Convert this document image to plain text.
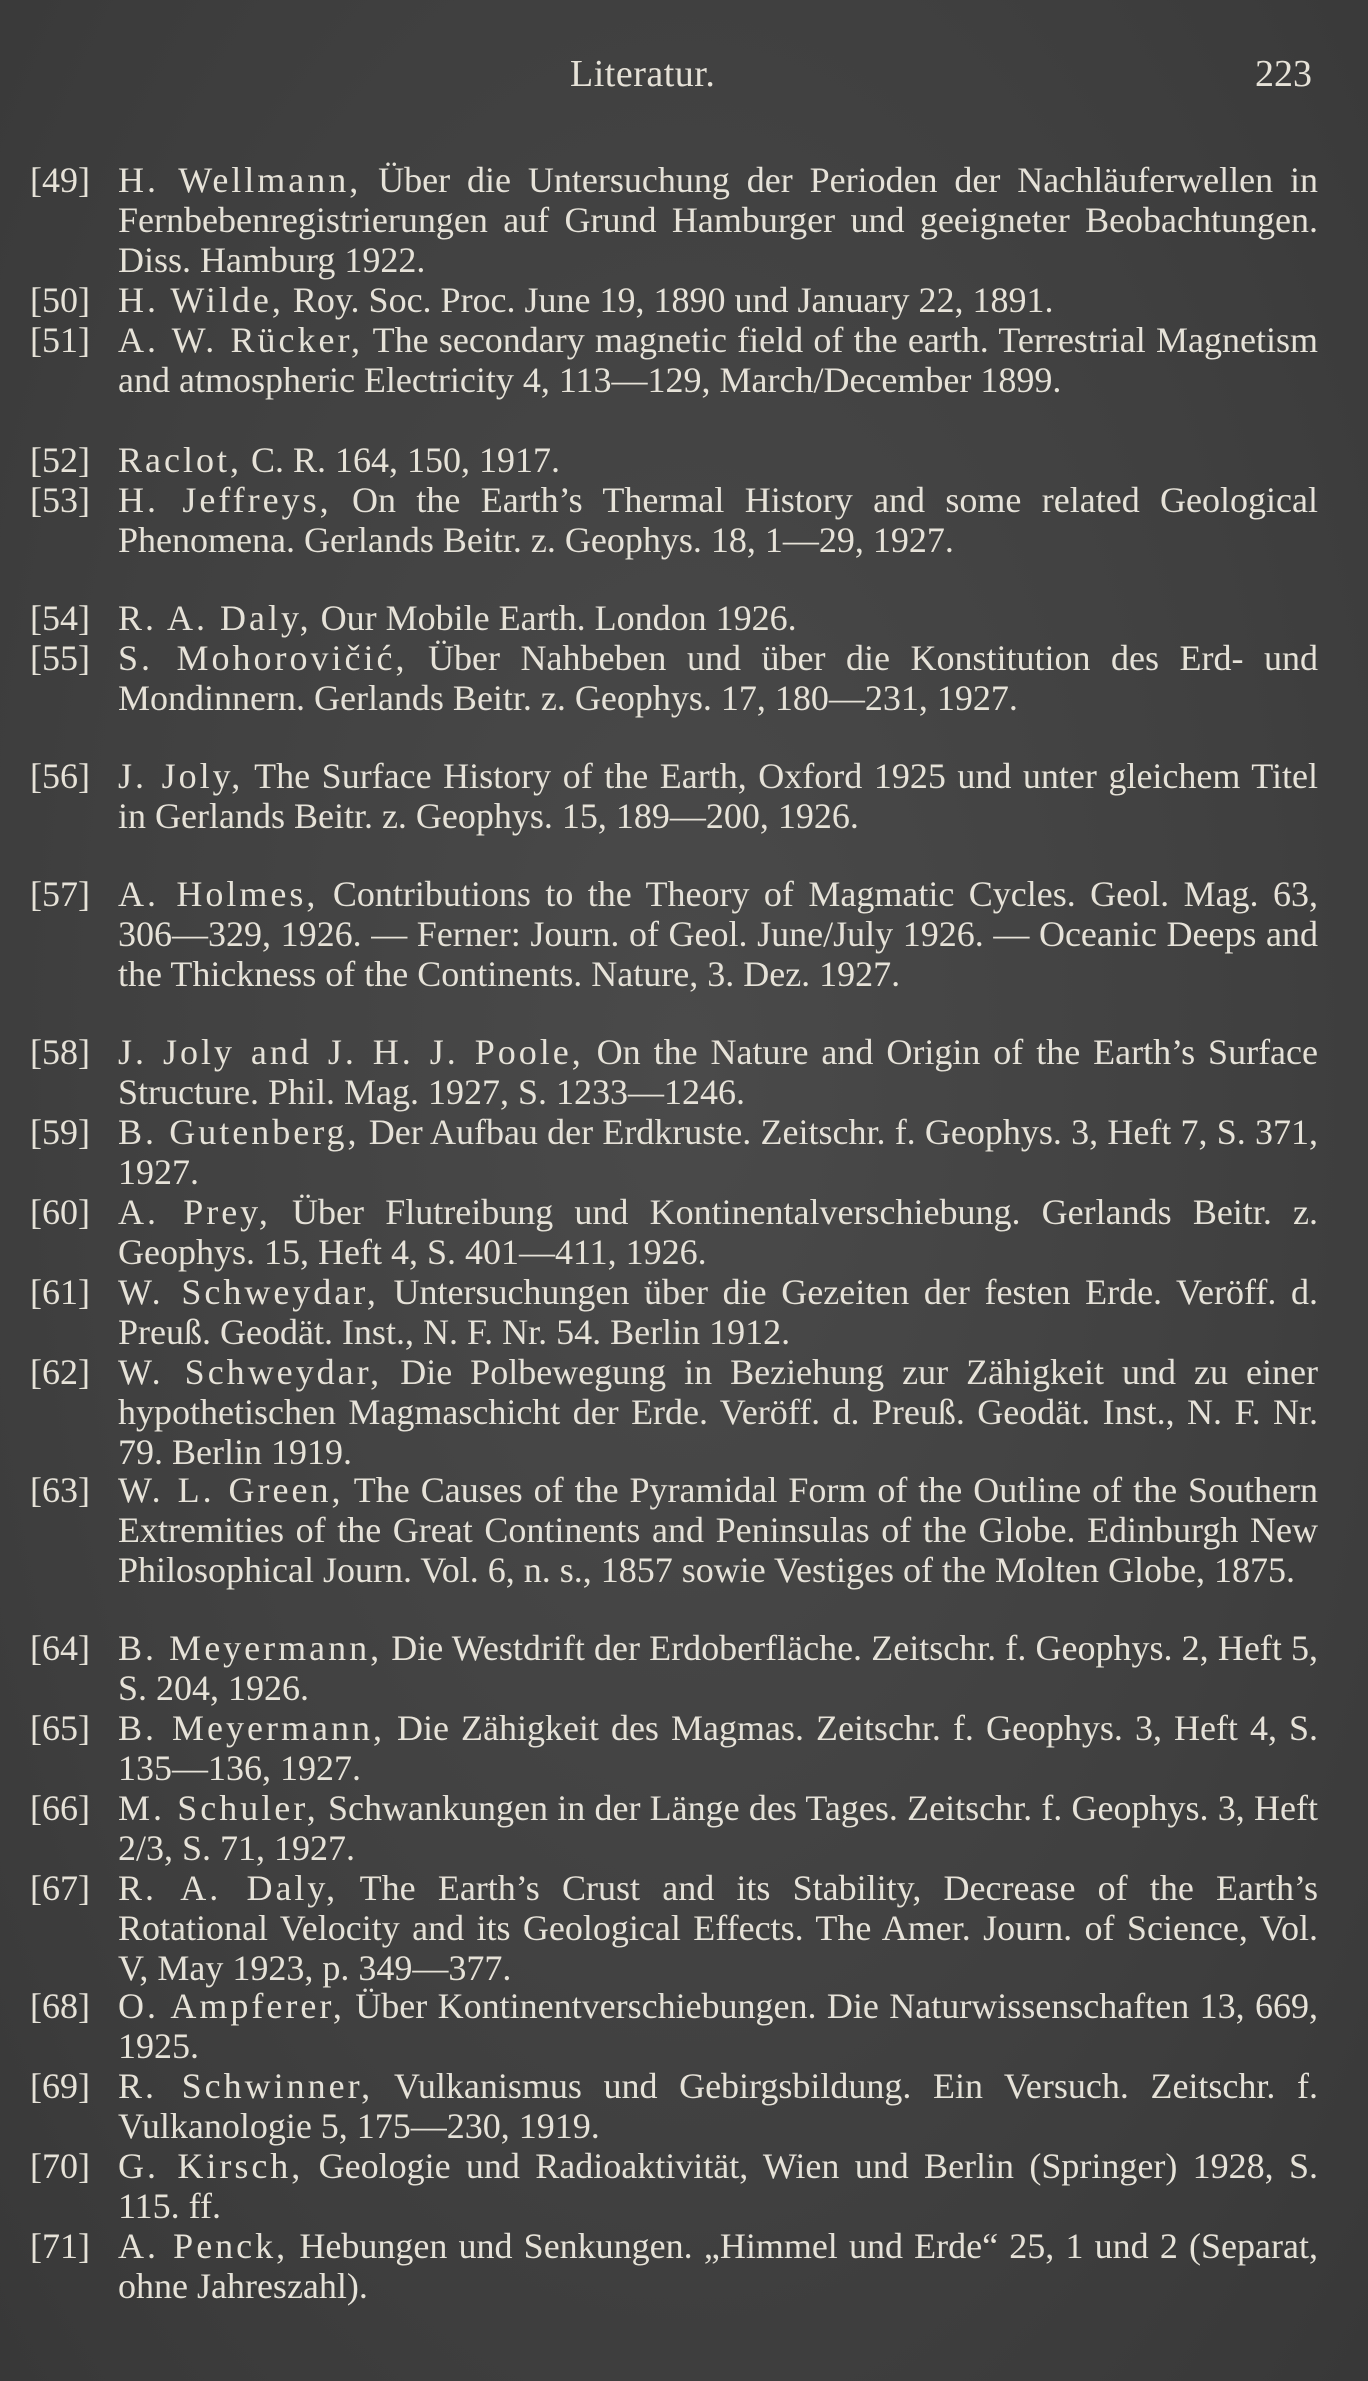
Literatur.	223
[49] H. Wellmann, Über die Untersuchung der Perioden der Nachläuferwellen in Fernbebenregistrierungen auf Grund Hamburger und geeigneter Beobachtungen. Diss. Hamburg 1922.
[50] H. Wilde, Roy. Soc. Proc. June 19, 1890 und January 22, 1891.
[51] A. W. Rücker, The secondary magnetic field of the earth. Terrestrial Magnetism and atmospheric Electricity 4, 113—129, March/December 1899.
[52] Raclot, C. R. 164, 150, 1917.
[53] H. Jeffreys, On the Earth’s Thermal History and some related Geological Phenomena. Gerlands Beitr. z. Geophys. 18, 1—29, 1927.
[54] R. A. Daly, Our Mobile Earth. London 1926.
[55] S. Mohorovičić, Über Nahbeben und über die Konstitution des Erd- und Mondinnern. Gerlands Beitr. z. Geophys. 17, 180—231, 1927.
[56] J. Joly, The Surface History of the Earth, Oxford 1925 und unter gleichem Titel in Gerlands Beitr. z. Geophys. 15, 189—200, 1926.
[57] A. Holmes, Contributions to the Theory of Magmatic Cycles. Geol. Mag. 63, 306—329, 1926. — Ferner: Journ. of Geol. June/July 1926. — Oceanic Deeps and the Thickness of the Continents. Nature, 3. Dez. 1927.
[58] J. Joly and J. H. J. Poole, On the Nature and Origin of the Earth’s Surface Structure. Phil. Mag. 1927, S. 1233—1246.
[59] B. Gutenberg, Der Aufbau der Erdkruste. Zeitschr. f. Geophys. 3, Heft 7, S. 371, 1927.
[60] A. Prey, Über Flutreibung und Kontinentalverschiebung. Gerlands Beitr. z. Geophys. 15, Heft 4, S. 401—411, 1926.
[61] W. Schweydar, Untersuchungen über die Gezeiten der festen Erde. Veröff. d. Preuß. Geodät. Inst., N. F. Nr. 54. Berlin 1912.
[62] W. Schweydar, Die Polbewegung in Beziehung zur Zähigkeit und zu einer hypothetischen Magmaschicht der Erde. Veröff. d. Preuß. Geodät. Inst., N. F. Nr. 79. Berlin 1919.
[63] W. L. Green, The Causes of the Pyramidal Form of the Outline of the Southern Extremities of the Great Continents and Peninsulas of the Globe. Edinburgh New Philosophical Journ. Vol. 6, n. s., 1857 sowie Vestiges of the Molten Globe, 1875.
[64] B. Meyermann, Die Westdrift der Erdoberfläche. Zeitschr. f. Geophys. 2, Heft 5, S. 204, 1926.
[65] B. Meyermann, Die Zähigkeit des Magmas. Zeitschr. f. Geophys. 3, Heft 4, S. 135—136, 1927.
[66] M. Schuler, Schwankungen in der Länge des Tages. Zeitschr. f. Geophys. 3, Heft 2/3, S. 71, 1927.
[67] R. A. Daly, The Earth’s Crust and its Stability, Decrease of the Earth’s Rotational Velocity and its Geological Effects. The Amer. Journ. of Science, Vol. V, May 1923, p. 349—377.
[68] O. Ampferer, Über Kontinentverschiebungen. Die Naturwissenschaften 13, 669, 1925.
[69] R. Schwinner, Vulkanismus und Gebirgsbildung. Ein Versuch. Zeitschr. f. Vulkanologie 5, 175—230, 1919.
[70] G. Kirsch, Geologie und Radioaktivität, Wien und Berlin (Springer) 1928, S. 115. ff.
[71] A. Penck, Hebungen und Senkungen. „Himmel und Erde“ 25, 1 und 2 (Separat, ohne Jahreszahl).
